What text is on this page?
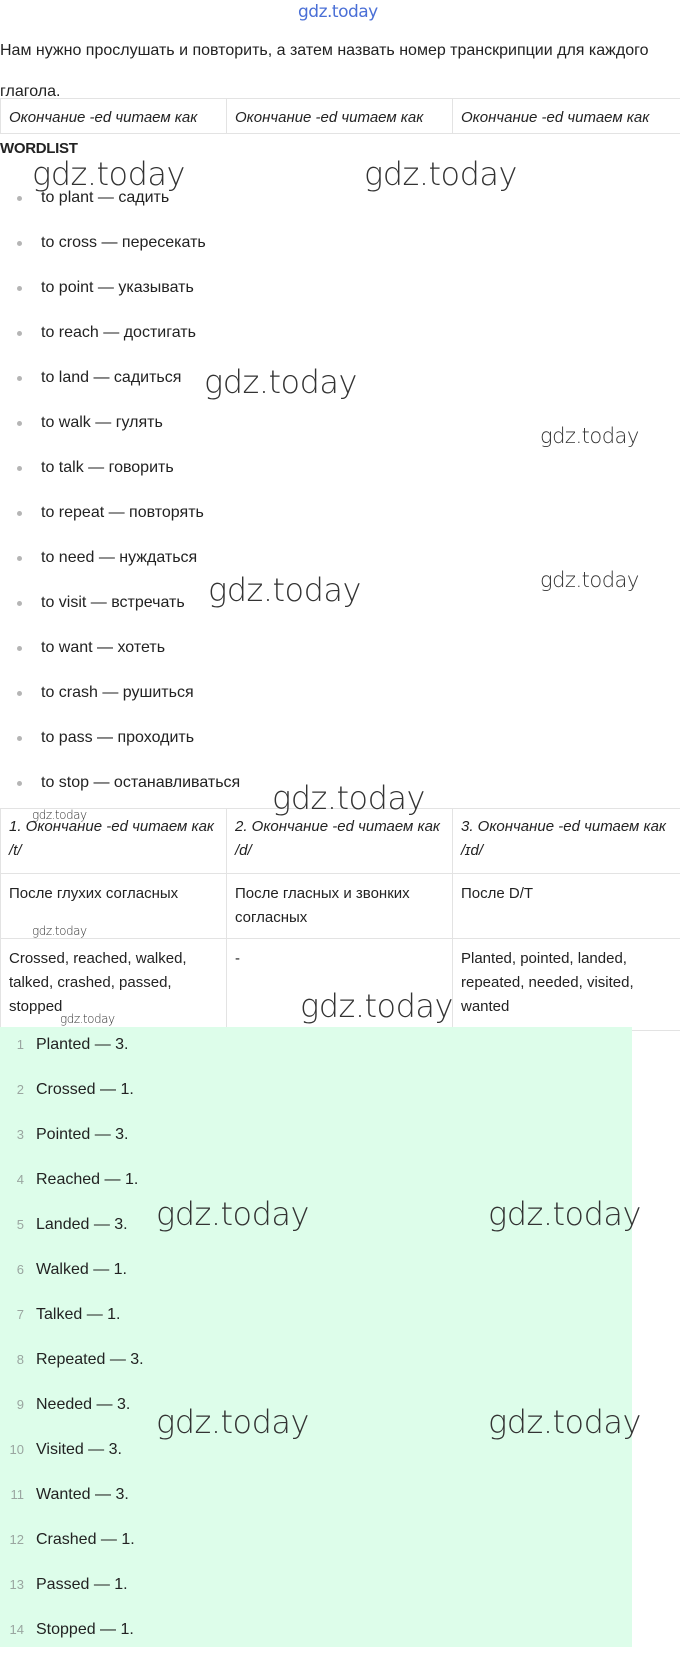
gdz.today
Нам нужно прослушать и повторить, а затем назвать номер транскрипции для каждого глагола.
Окончание -ed читаем как	Окончание -ed читаем как	Окончание -ed читаем как
WORDLIST
to plant — садить
to cross — пересекать
to point — указывать
to reach — достигать
to land — садиться
to walk — гулять
to talk — говорить
to repeat — повторять
to need — нуждаться
to visit — встречать
to want — хотеть
to crash — рушиться
to pass — проходить
to stop — останавливаться
1. Окончание -ed читаем как /t/	2. Окончание -ed читаем как /d/	3. Окончание -ed читаем как /ɪd/
После глухих согласных	После гласных и звонких согласных	После D/T
Crossed, reached, walked, talked, crashed, passed, stopped	-	Planted, pointed, landed, repeated, needed, visited, wanted
1 Planted — 3.
2 Crossed — 1.
3 Pointed — 3.
4 Reached — 1.
5 Landed — 3.
6 Walked — 1.
7 Talked — 1.
8 Repeated — 3.
9 Needed — 3.
10 Visited — 3.
11 Wanted — 3.
12 Crashed — 1.
13 Passed — 1.
14 Stopped — 1.
gdz.today	gdz.today
gdz.today
gdz.today
gdz.today
gdz.today
gdz.today
gdz.today
gdz.today
gdz.today
gdz.today
gdz.today	gdz.today
gdz.today	gdz.today
